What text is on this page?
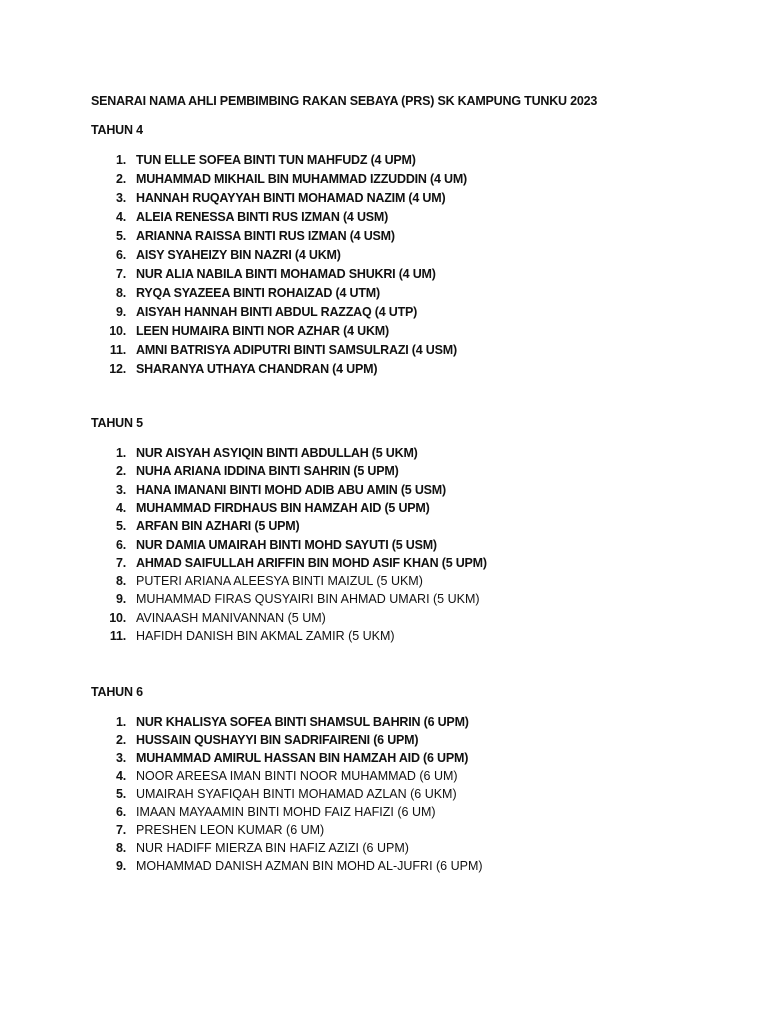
SENARAI NAMA AHLI PEMBIMBING RAKAN SEBAYA (PRS) SK KAMPUNG TUNKU 2023
TAHUN 4
1. TUN ELLE SOFEA BINTI TUN MAHFUDZ (4 UPM)
2. MUHAMMAD MIKHAIL BIN MUHAMMAD IZZUDDIN (4 UM)
3. HANNAH RUQAYYAH BINTI MOHAMAD NAZIM (4 UM)
4. ALEIA RENESSA BINTI RUS IZMAN (4 USM)
5. ARIANNA RAISSA BINTI RUS IZMAN (4 USM)
6. AISY SYAHEIZY BIN NAZRI (4 UKM)
7. NUR ALIA NABILA BINTI MOHAMAD SHUKRI (4 UM)
8. RYQA SYAZEEA BINTI ROHAIZAD (4 UTM)
9. AISYAH HANNAH BINTI ABDUL RAZZAQ (4 UTP)
10. LEEN HUMAIRA BINTI NOR AZHAR (4 UKM)
11. AMNI BATRISYA ADIPUTRI BINTI SAMSULRAZI (4 USM)
12. SHARANYA UTHAYA CHANDRAN (4 UPM)
TAHUN 5
1. NUR AISYAH ASYIQIN BINTI ABDULLAH (5 UKM)
2. NUHA ARIANA IDDINA BINTI SAHRIN (5 UPM)
3. HANA IMANANI BINTI MOHD ADIB ABU AMIN (5 USM)
4. MUHAMMAD FIRDHAUS BIN HAMZAH AID (5 UPM)
5. ARFAN BIN AZHARI (5 UPM)
6. NUR DAMIA UMAIRAH BINTI MOHD SAYUTI (5 USM)
7. AHMAD SAIFULLAH ARIFFIN BIN MOHD ASIF KHAN (5 UPM)
8. PUTERI ARIANA ALEESYA BINTI MAIZUL (5 UKM)
9. MUHAMMAD FIRAS QUSYAIRI BIN AHMAD UMARI (5 UKM)
10. AVINAASH MANIVANNAN (5 UM)
11. HAFIDH DANISH BIN AKMAL ZAMIR (5 UKM)
TAHUN 6
1. NUR KHALISYA SOFEA BINTI SHAMSUL BAHRIN (6 UPM)
2. HUSSAIN QUSHAYYI BIN SADRIFAIRENI (6 UPM)
3. MUHAMMAD AMIRUL HASSAN BIN HAMZAH AID (6 UPM)
4. NOOR AREESA IMAN BINTI NOOR MUHAMMAD (6 UM)
5. UMAIRAH SYAFIQAH BINTI MOHAMAD AZLAN (6 UKM)
6. IMAAN MAYAAMIN BINTI MOHD FAIZ HAFIZI (6 UM)
7. PRESHEN LEON KUMAR (6 UM)
8. NUR HADIFF MIERZA BIN HAFIZ AZIZI (6 UPM)
9. MOHAMMAD DANISH AZMAN BIN MOHD AL-JUFRI (6 UPM)
